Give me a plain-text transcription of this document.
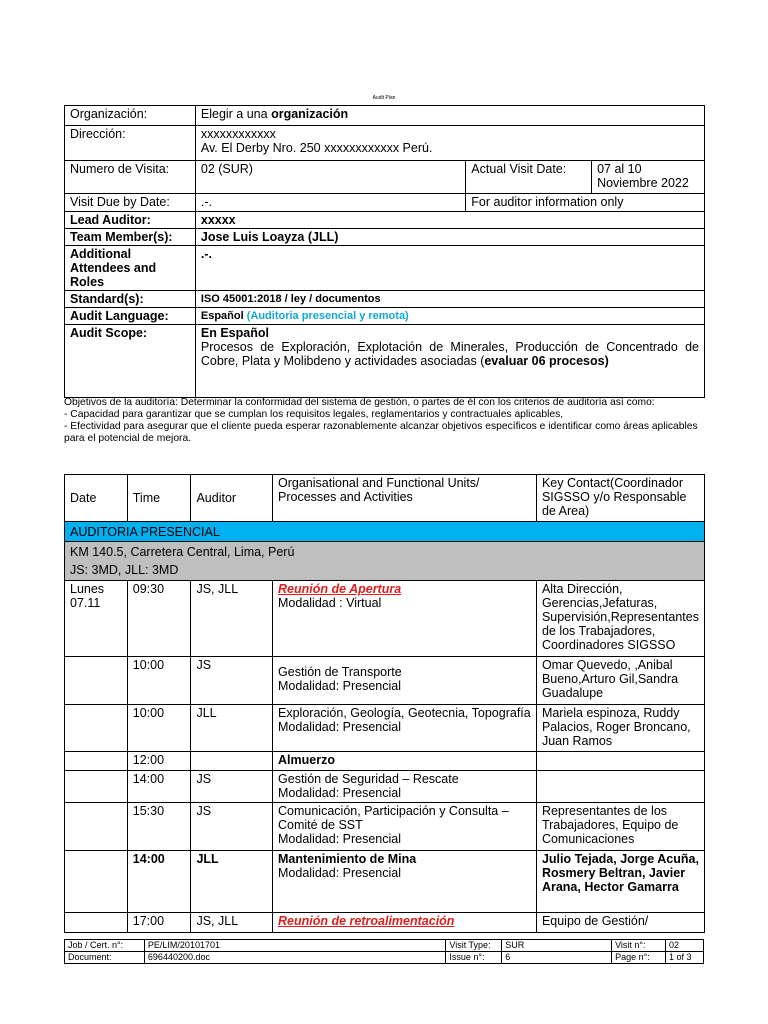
Audit Plan
Organización:	Elegir a una organización		
Dirección:	xxxxxxxxxxxx
Av. El Derby Nro. 250 xxxxxxxxxxxx Perú.		

Numero de Visita:	02 (SUR)	Actual Visit Date:	07 al 10
Noviembre 2022

Visit Due by Date:	.-.	For auditor information only	
Lead Auditor:	xxxxx		
Team Member(s):	Jose Luis Loayza (JLL)		

Additional
Attendees and
Roles	.-.		
Standard(s):	ISO 45001:2018 / ley / documentos		
Audit Language:	Español (Auditoria presencial y remota)		
Audit Scope:	En Español
Procesos de Exploración, Explotación de Minerales, Producción de Concentrado de Cobre, Plata y Molibdeno y actividades asociadas (evaluar 06 procesos)		
Objetivos de la auditoría: Determinar la conformidad del sistema de gestión, o partes de él con los criterios de auditoría así como:
- Capacidad para garantizar que se cumplan los requisitos legales, reglamentarios y contractuales aplicables,
- Efectividad para asegurar que el cliente pueda esperar razonablemente alcanzar objetivos específicos e identificar como áreas aplicables para el potencial de mejora.
Date	Time	Auditor	Organisational and Functional Units/ Processes and Activities	Key Contact(Coordinador SIGSSO y/o Responsable de Area)
AUDITORIA PRESENCIAL				

KM 140.5, Carretera Central, Lima, Perú
JS: 3MD, JLL: 3MD				

Lunes 07.11	09:30	JS, JLL	Reunión de Apertura
Modalidad : Virtual	Alta Dirección, Gerencias,Jefaturas, Supervisión,Representantes de los Trabajadores, Coordinadores SIGSSO
	10:00	JS	Gestión de Transporte
Modalidad: Presencial	Omar Quevedo, ,Anibal Bueno,Arturo Gil,Sandra Guadalupe
	10:00	JLL	Exploración, Geología, Geotecnia, Topografía
Modalidad: Presencial	Mariela espinoza, Ruddy Palacios, Roger Broncano, Juan Ramos
	12:00		Almuerzo	
	14:00	JS	Gestión de Seguridad – Rescate
Modalidad: Presencial	

	15:30	JS	Comunicación, Participación y Consulta – Comité de SST
Modalidad: Presencial	Representantes de los Trabajadores, Equipo de Comunicaciones
	14:00	JLL	Mantenimiento de Mina
Modalidad: Presencial	Julio Tejada, Jorge Acuña, Rosmery Beltran, Javier Arana, Hector Gamarra
	17:00	JS, JLL	Reunión de retroalimentación	Equipo de Gestión/
Job / Cert. n°:	PE/LIM/20101701	Visit Type:	SUR	Visit n°:	02
Document:	696440200.doc	Issue n°:	6	Page n°:	1 of 3
